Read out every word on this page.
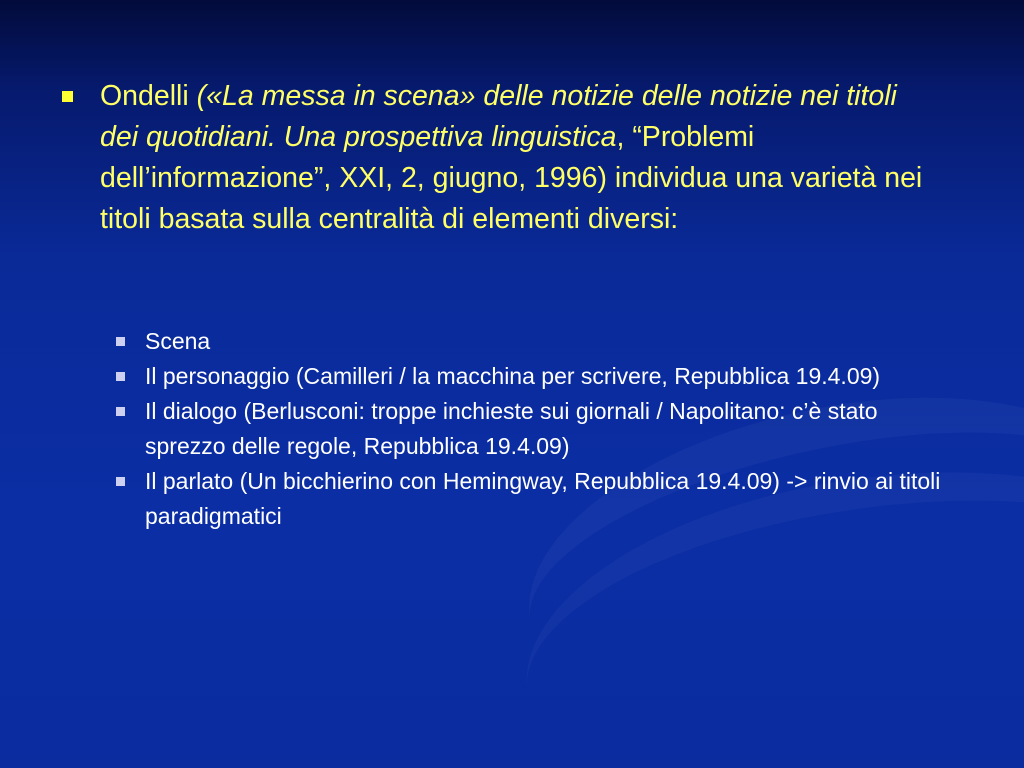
Ondelli («La messa in scena» delle notizie delle notizie nei titoli dei quotidiani. Una prospettiva linguistica, “Problemi dell’informazione”, XXI, 2, giugno, 1996) individua una varietà nei titoli basata sulla centralità di elementi diversi:
Scena
Il personaggio (Camilleri / la macchina per scrivere, Repubblica 19.4.09)
Il dialogo (Berlusconi: troppe inchieste sui giornali / Napolitano: c’è stato sprezzo delle regole, Repubblica 19.4.09)
Il parlato (Un bicchierino con Hemingway, Repubblica 19.4.09) -> rinvio ai titoli paradigmatici
